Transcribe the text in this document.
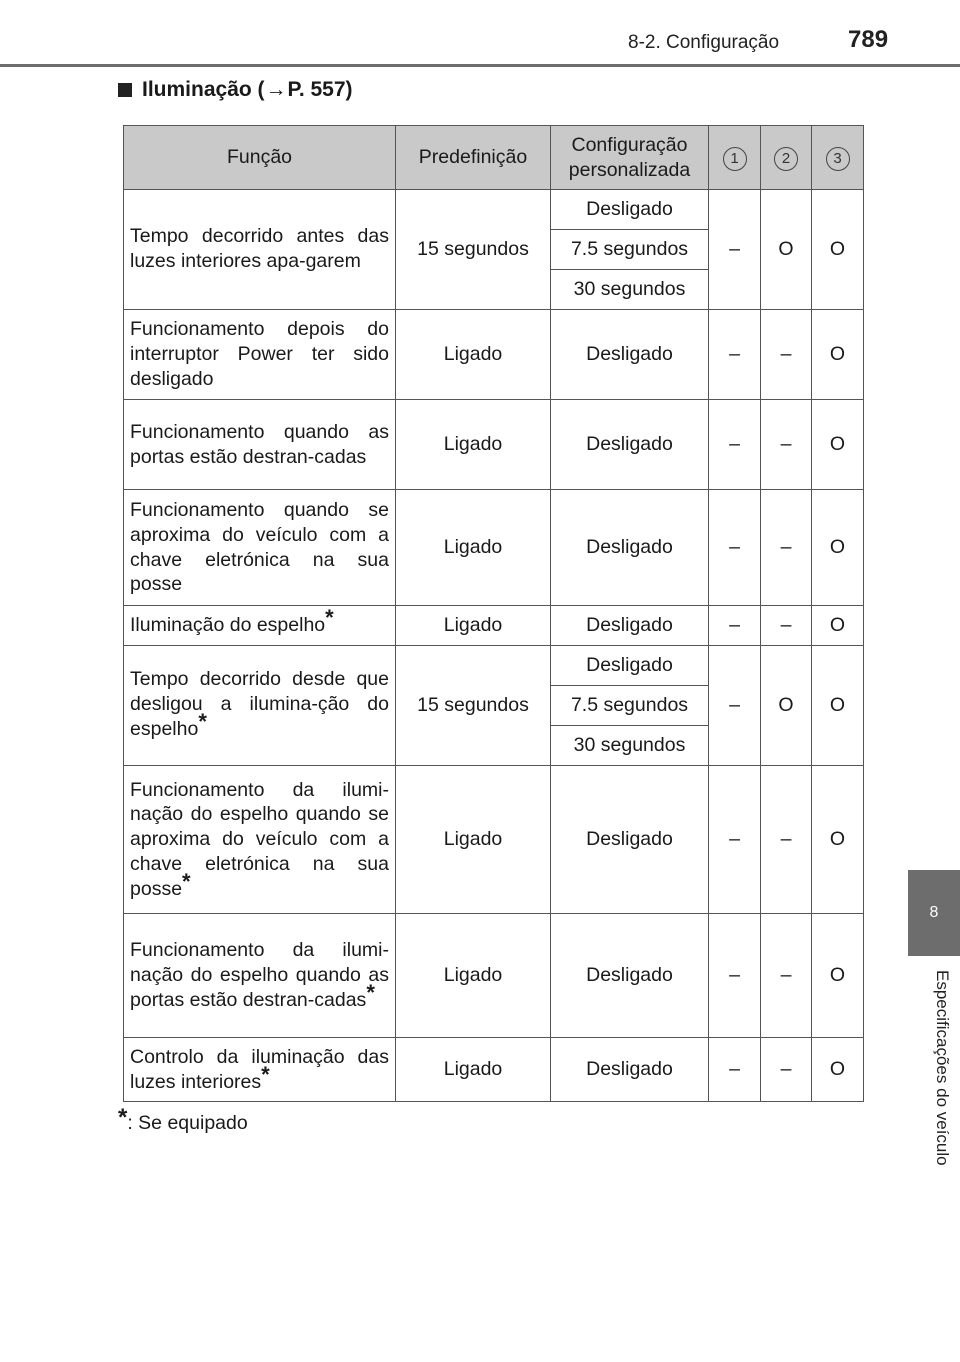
8-2. Configuração	789
Iluminação ( → P. 557)
Função	Predefinição	Configuração personalizada	1	2	3
Tempo decorrido antes das luzes interiores apa-garem	15 segundos	Desligado	–	O	O
		7.5 segundos			
		30 segundos			
Funcionamento depois do interruptor Power ter sido desligado	Ligado	Desligado	–	–	O
Funcionamento quando as portas estão destran-cadas	Ligado	Desligado	–	–	O
Funcionamento quando se aproxima do veículo com a chave eletrónica na sua posse	Ligado	Desligado	–	–	O
Iluminação do espelho*	Ligado	Desligado	–	–	O
Tempo decorrido desde que desligou a ilumina-ção do espelho*	15 segundos	Desligado	–	O	O
		7.5 segundos			
		30 segundos			
Funcionamento da ilumi-nação do espelho quando se aproxima do veículo com a chave eletrónica na sua posse*	Ligado	Desligado	–	–	O
Funcionamento da ilumi-nação do espelho quando as portas estão destran-cadas*	Ligado	Desligado	–	–	O
Controlo da iluminação das luzes interiores*	Ligado	Desligado	–	–	O
*: Se equipado
8
Especificações do veículo
